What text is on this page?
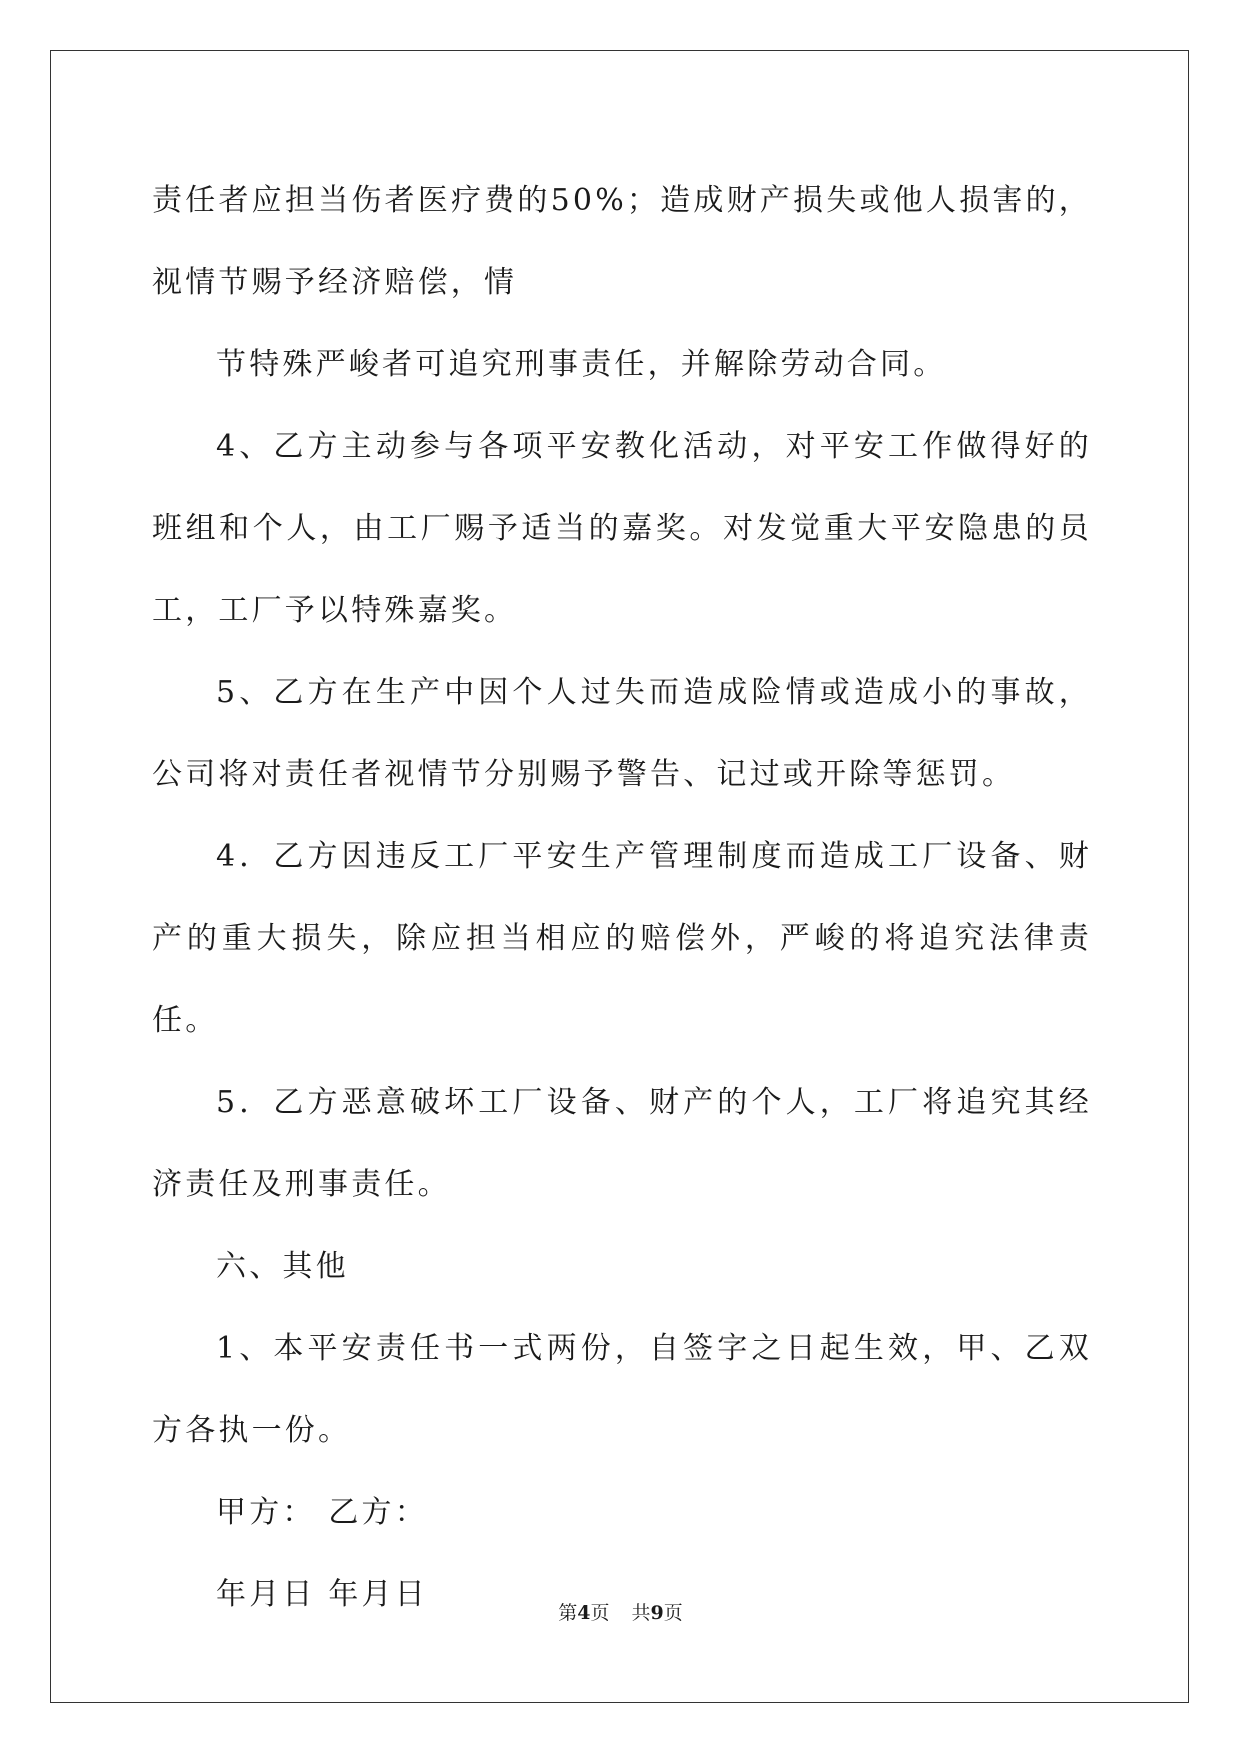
责任者应担当伤者医疗费的50%；造成财产损失或他人损害的，视情节赐予经济赔偿，情

节特殊严峻者可追究刑事责任，并解除劳动合同。

4、乙方主动参与各项平安教化活动，对平安工作做得好的班组和个人，由工厂赐予适当的嘉奖。对发觉重大平安隐患的员工，工厂予以特殊嘉奖。

5、乙方在生产中因个人过失而造成险情或造成小的事故，公司将对责任者视情节分别赐予警告、记过或开除等惩罚。

4．乙方因违反工厂平安生产管理制度而造成工厂设备、财产的重大损失，除应担当相应的赔偿外，严峻的将追究法律责任。

5．乙方恶意破坏工厂设备、财产的个人，工厂将追究其经济责任及刑事责任。

六、其他

1、本平安责任书一式两份，自签字之日起生效，甲、乙双方各执一份。

甲方： 乙方：

年月日 年月日

第4页 共9页
